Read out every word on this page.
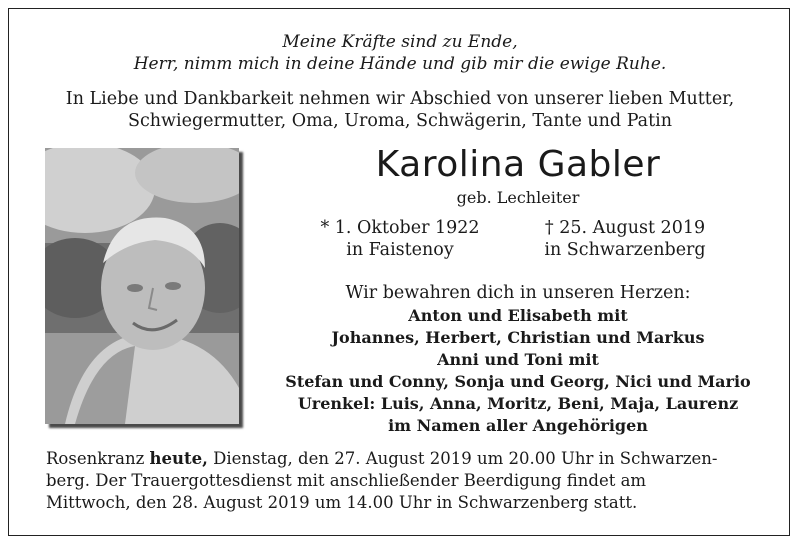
Meine Kräfte sind zu Ende,
Herr, nimm mich in deine Hände und gib mir die ewige Ruhe.
In Liebe und Dankbarkeit nehmen wir Abschied von unserer lieben Mutter,
Schwiegermutter, Oma, Uroma, Schwägerin, Tante und Patin
Karolina Gabler
geb. Lechleiter
* 1. Oktober 1922
in Faistenoy
† 25. August 2019
in Schwarzenberg
Wir bewahren dich in unseren Herzen:
Anton und Elisabeth mit
Johannes, Herbert, Christian und Markus
Anni und Toni mit
Stefan und Conny, Sonja und Georg, Nici und Mario
Urenkel: Luis, Anna, Moritz, Beni, Maja, Laurenz
im Namen aller Angehörigen
Rosenkranz heute, Dienstag, den 27. August 2019 um 20.00 Uhr in Schwarzen-
berg. Der Trauergottesdienst mit anschließender Beerdigung findet am
Mittwoch, den 28. August 2019 um 14.00 Uhr in Schwarzenberg statt.
